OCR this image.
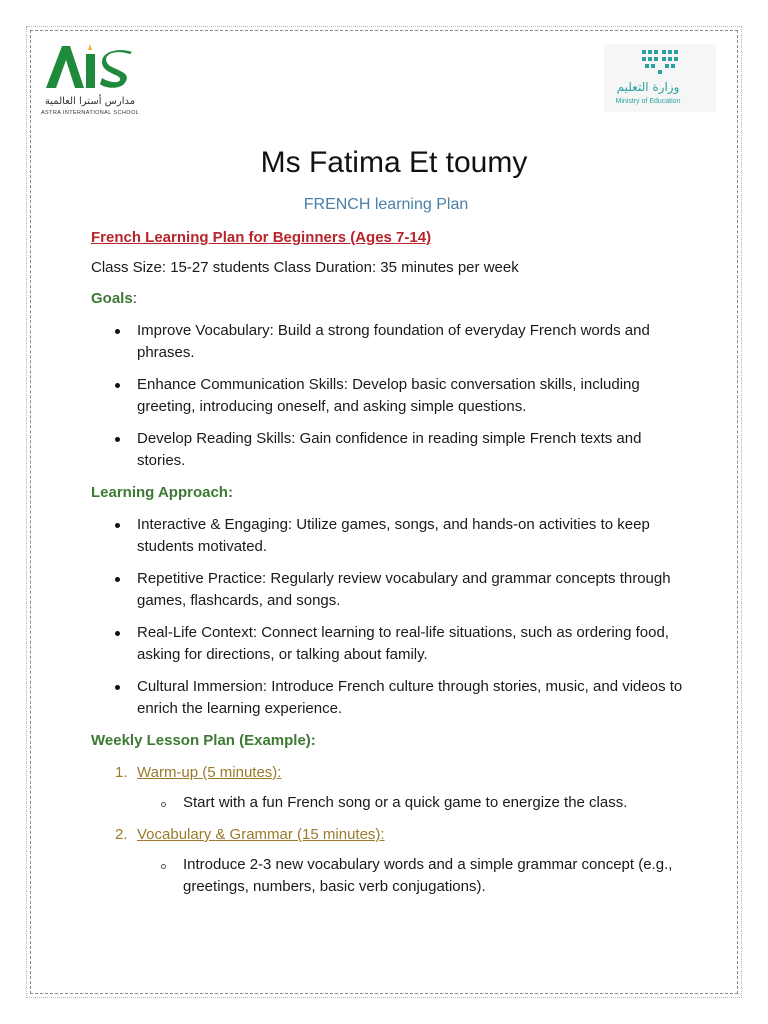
مدارس أسترا العالمية
ASTRA INTERNATIONAL SCHOOL
وزارة التعليم
Ministry of Education
Ms Fatima Et toumy
FRENCH learning Plan
French Learning Plan for Beginners (Ages 7-14)
Class Size: 15-27 students Class Duration: 35 minutes per week
Goals:
Improve Vocabulary: Build a strong foundation of everyday French words and phrases.
Enhance Communication Skills: Develop basic conversation skills, including greeting, introducing oneself, and asking simple questions.
Develop Reading Skills: Gain confidence in reading simple French texts and stories.
Learning Approach:
Interactive & Engaging: Utilize games, songs, and hands-on activities to keep students motivated.
Repetitive Practice: Regularly review vocabulary and grammar concepts through games, flashcards, and songs.
Real-Life Context: Connect learning to real-life situations, such as ordering food, asking for directions, or talking about family.
Cultural Immersion: Introduce French culture through stories, music, and videos to enrich the learning experience.
Weekly Lesson Plan (Example):
1. Warm-up (5 minutes):
Start with a fun French song or a quick game to energize the class.
2. Vocabulary & Grammar (15 minutes):
Introduce 2-3 new vocabulary words and a simple grammar concept (e.g., greetings, numbers, basic verb conjugations).
